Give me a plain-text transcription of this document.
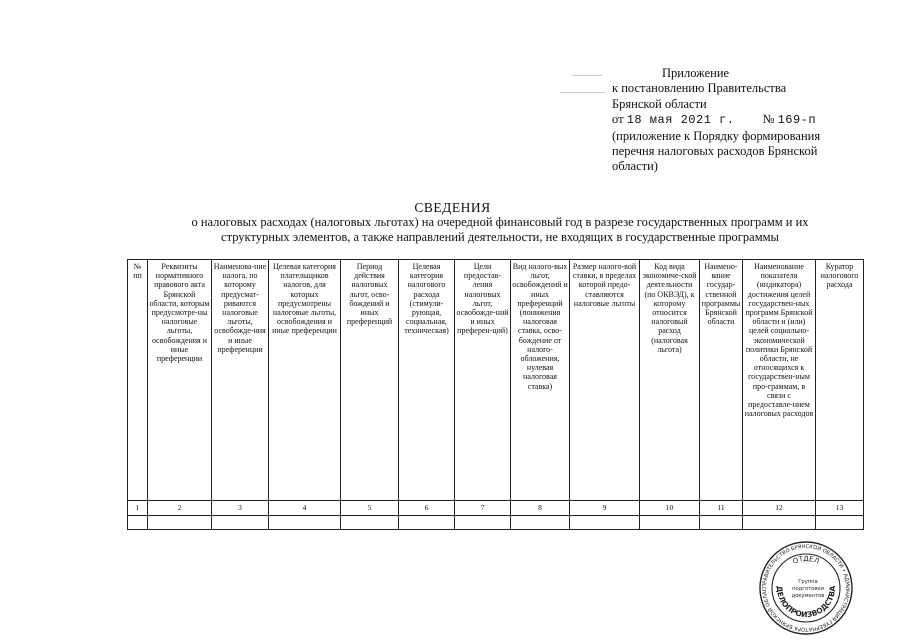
Приложение
к постановлению Правительства
Брянской области
от 18 мая 2021 г. № 169-п
(приложение к Порядку формирования
перечня налоговых расходов Брянской
области)
СВЕДЕНИЯ
о налоговых расходах (налоговых льготах) на очередной финансовый год в разрезе государственных программ и их
структурных элементов, а также направлений деятельности, не входящих в государственные программы
№ пп	Реквизиты нормативного правового акта Брянской области, которым предусмотре-ны налоговые льготы, освобождения и иные преференции	Наименова-ние налога, по которому предусмат-риваются налоговые льготы, освобожде-ния и иные преференции	Целевая категория плательщиков налогов, для которых предусмотрены налоговые льготы, освобождения и иные преференции	Период действия налоговых льгот, осво-бождений и иных преференций	Целевая категория налогового расхода (стимули-рующая, социальная, техническая)	Цели предостав-ления налоговых льгот, освобожде-ний и иных преферен-ций)	Вид налого-вых льгот, освобождений и иных преференций (понижения налоговая ставка, осво-бождение от налого-обложения, нулевая налоговая ставка)	Размер налого-вой ставки, в пределах которой предо-ставляются налоговые льготы	Код вида экономиче-ской деятельности (по ОКВЭД), к которому относится налоговый расход (налоговая льгота)	Наимено-вание государ-ственной программы Брянской области	Наименование показателя (индикатора) достижения целей государствен-ных программ Брянской области и (или) целей социально-экономической политики Брянской области, не относящихся к государствен-ным про-граммам, в связи с предоставле-нием налоговых расходов	Куратор налогового расхода
1	2	3	4	5	6	7	8	9	10	11	12	13

ПРАВИТЕЛЬСТВО БРЯНСКОЙ ОБЛАСТИ • АДМИНИСТРАЦИЯ ГУБЕРНАТОРА БРЯНСКОЙ ОБЛАС
ОТДЕЛ
ДЕЛОПРОИЗВОДСТВА
Группа
подготовки
документов
